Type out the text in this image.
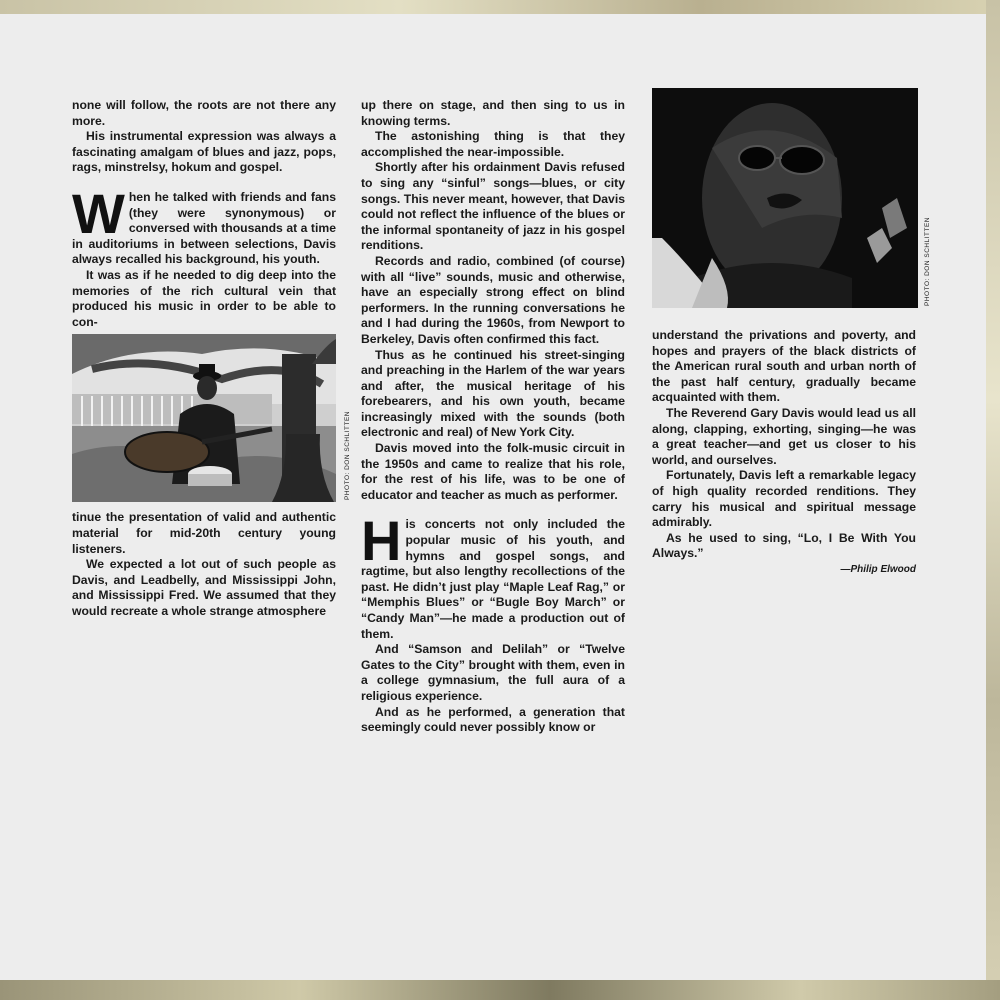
none will follow, the roots are not there any more.

His instrumental expression was always a fascinating amalgam of blues and jazz, pops, rags, minstrelsy, hokum and gospel.

W hen he talked with friends and fans (they were synonymous) or conversed with thousands at a time in auditoriums in between selections, Davis always recalled his background, his youth.

It was as if he needed to dig deep into the memories of the rich cultural vein that produced his music in order to be able to con-

PHOTO: DON SCHLITTEN

tinue the presentation of valid and authentic material for mid-20th century young listeners.

We expected a lot out of such people as Davis, and Leadbelly, and Mississippi John, and Mississippi Fred. We assumed that they would recreate a whole strange atmosphere

up there on stage, and then sing to us in knowing terms.

The astonishing thing is that they accomplished the near-impossible.

Shortly after his ordainment Davis refused to sing any “sinful” songs—blues, or city songs. This never meant, however, that Davis could not reflect the influence of the blues or the informal spontaneity of jazz in his gospel renditions.

Records and radio, combined (of course) with all “live” sounds, music and otherwise, have an especially strong effect on blind performers. In the running conversations he and I had during the 1960s, from Newport to Berkeley, Davis often confirmed this fact.

Thus as he continued his street-singing and preaching in the Harlem of the war years and after, the musical heritage of his forebearers, and his own youth, became increasingly mixed with the sounds (both electronic and real) of New York City.

Davis moved into the folk-music circuit in the 1950s and came to realize that his role, for the rest of his life, was to be one of educator and teacher as much as performer.

H is concerts not only included the popular music of his youth, and hymns and gospel songs, and ragtime, but also lengthy recollections of the past. He didn’t just play “Maple Leaf Rag,” or “Memphis Blues” or “Bugle Boy March” or “Candy Man”—he made a production out of them.

And “Samson and Delilah” or “Twelve Gates to the City” brought with them, even in a college gymnasium, the full aura of a religious experience.

And as he performed, a generation that seemingly could never possibly know or

PHOTO: DON SCHLITTEN

understand the privations and poverty, and hopes and prayers of the black districts of the American rural south and urban north of the past half century, gradually became acquainted with them.

The Reverend Gary Davis would lead us all along, clapping, exhorting, singing—he was a great teacher—and get us closer to his world, and ourselves.

Fortunately, Davis left a remarkable legacy of high quality recorded renditions. They carry his musical and spiritual message admirably.

As he used to sing, “Lo, I Be With You Always.”

—Philip Elwood
